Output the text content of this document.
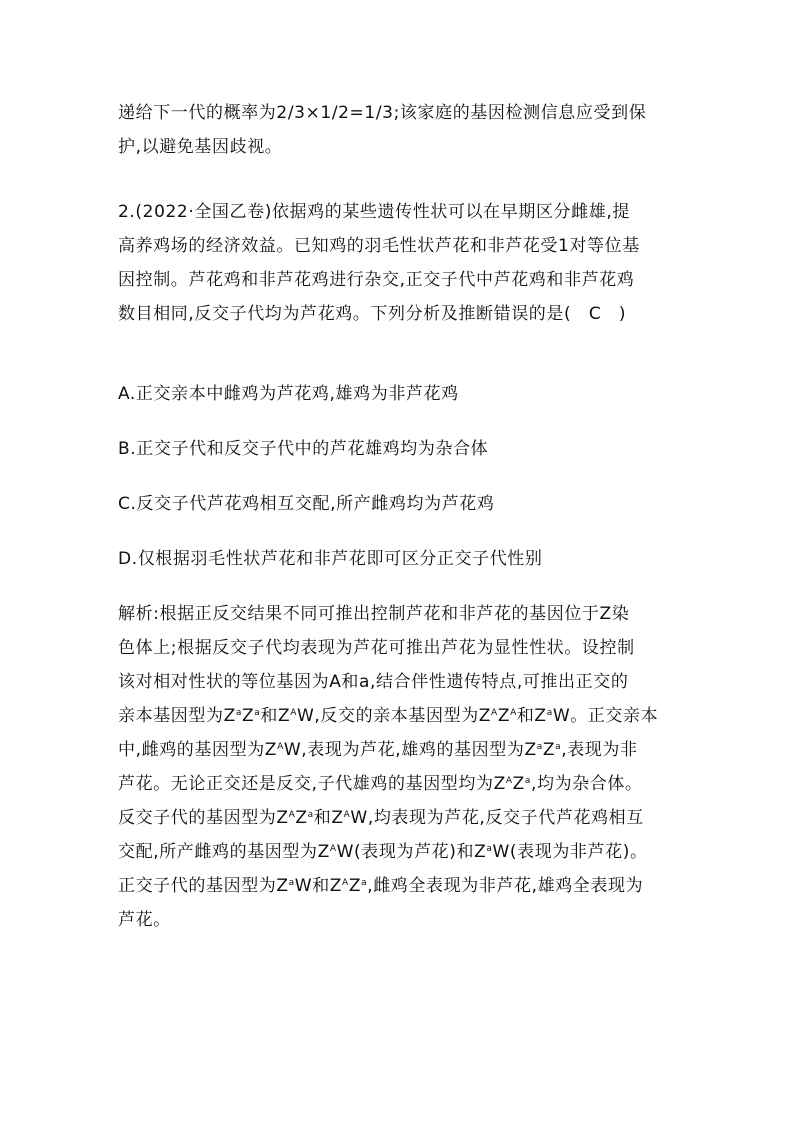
递给下一代的概率为2/3×1/2=1/3;该家庭的基因检测信息应受到保
护,以避免基因歧视。
2.(2022·全国乙卷)依据鸡的某些遗传性状可以在早期区分雌雄,提
高养鸡场的经济效益。已知鸡的羽毛性状芦花和非芦花受1对等位基
因控制。芦花鸡和非芦花鸡进行杂交,正交子代中芦花鸡和非芦花鸡
数目相同,反交子代均为芦花鸡。下列分析及推断错误的是(　C　)
A.正交亲本中雌鸡为芦花鸡,雄鸡为非芦花鸡
B.正交子代和反交子代中的芦花雄鸡均为杂合体
C.反交子代芦花鸡相互交配,所产雌鸡均为芦花鸡
D.仅根据羽毛性状芦花和非芦花即可区分正交子代性别
解析:根据正反交结果不同可推出控制芦花和非芦花的基因位于Z染
色体上;根据反交子代均表现为芦花可推出芦花为显性性状。设控制
该对相对性状的等位基因为A和a,结合伴性遗传特点,可推出正交的
亲本基因型为$Z^aZ^a$和$Z^AW$,反交的亲本基因型为$Z^AZ^A$和$Z^aW$。正交亲本
中,雌鸡的基因型为$Z^AW$,表现为芦花,雄鸡的基因型为$Z^aZ^a$,表现为非
芦花。无论正交还是反交,子代雄鸡的基因型均为$Z^AZ^a$,均为杂合体。
反交子代的基因型为$Z^AZ^a$和$Z^AW$,均表现为芦花,反交子代芦花鸡相互
交配,所产雌鸡的基因型为$Z^AW$(表现为芦花)和$Z^aW$(表现为非芦花)。
正交子代的基因型为$Z^aW$和$Z^AZ^a$,雌鸡全表现为非芦花,雄鸡全表现为
芦花。
